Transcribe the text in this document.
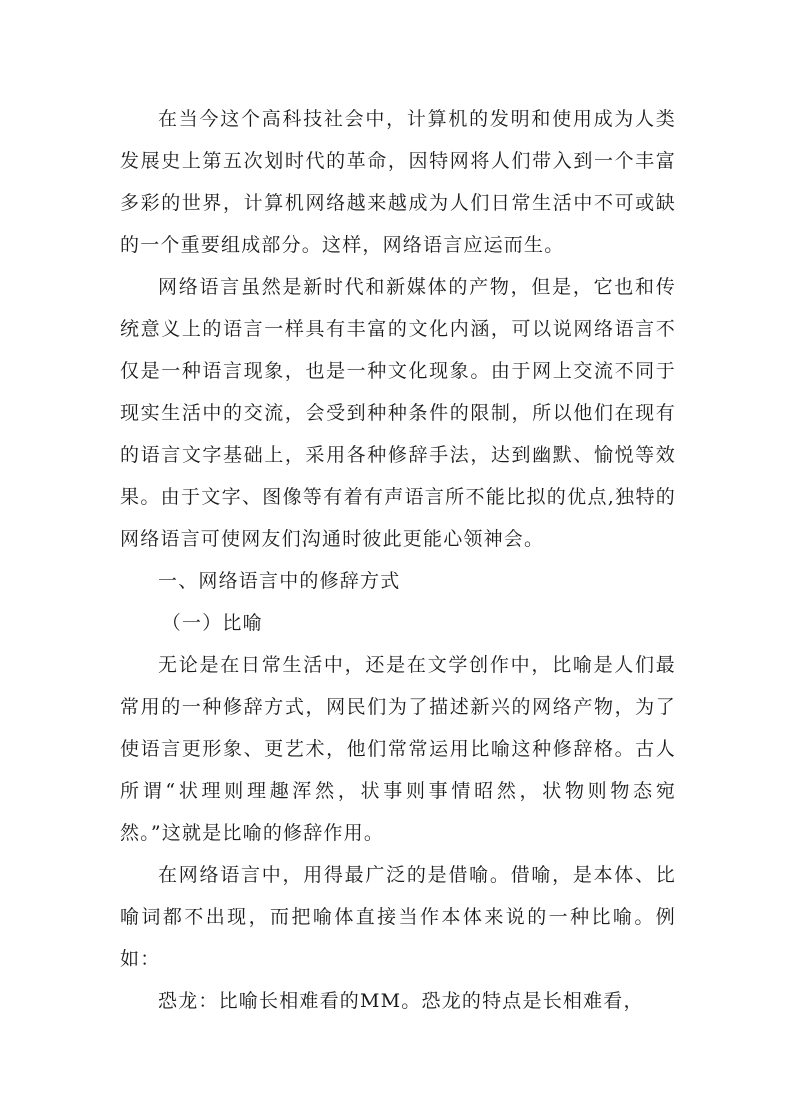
在当今这个高科技社会中，计算机的发明和使用成为人类发展史上第五次划时代的革命，因特网将人们带入到一个丰富多彩的世界，计算机网络越来越成为人们日常生活中不可或缺的一个重要组成部分。这样，网络语言应运而生。

网络语言虽然是新时代和新媒体的产物，但是，它也和传统意义上的语言一样具有丰富的文化内涵，可以说网络语言不仅是一种语言现象，也是一种文化现象。由于网上交流不同于现实生活中的交流，会受到种种条件的限制，所以他们在现有的语言文字基础上，采用各种修辞手法，达到幽默、愉悦等效果。由于文字、图像等有着有声语言所不能比拟的优点,独特的网络语言可使网友们沟通时彼此更能心领神会。

一、网络语言中的修辞方式

（一）比喻

无论是在日常生活中，还是在文学创作中，比喻是人们最常用的一种修辞方式，网民们为了描述新兴的网络产物，为了使语言更形象、更艺术，他们常常运用比喻这种修辞格。古人所谓“状理则理趣浑然，状事则事情昭然，状物则物态宛然。”这就是比喻的修辞作用。

在网络语言中，用得最广泛的是借喻。借喻，是本体、比喻词都不出现，而把喻体直接当作本体来说的一种比喻。例如：

恐龙：比喻长相难看的MM。恐龙的特点是长相难看，
